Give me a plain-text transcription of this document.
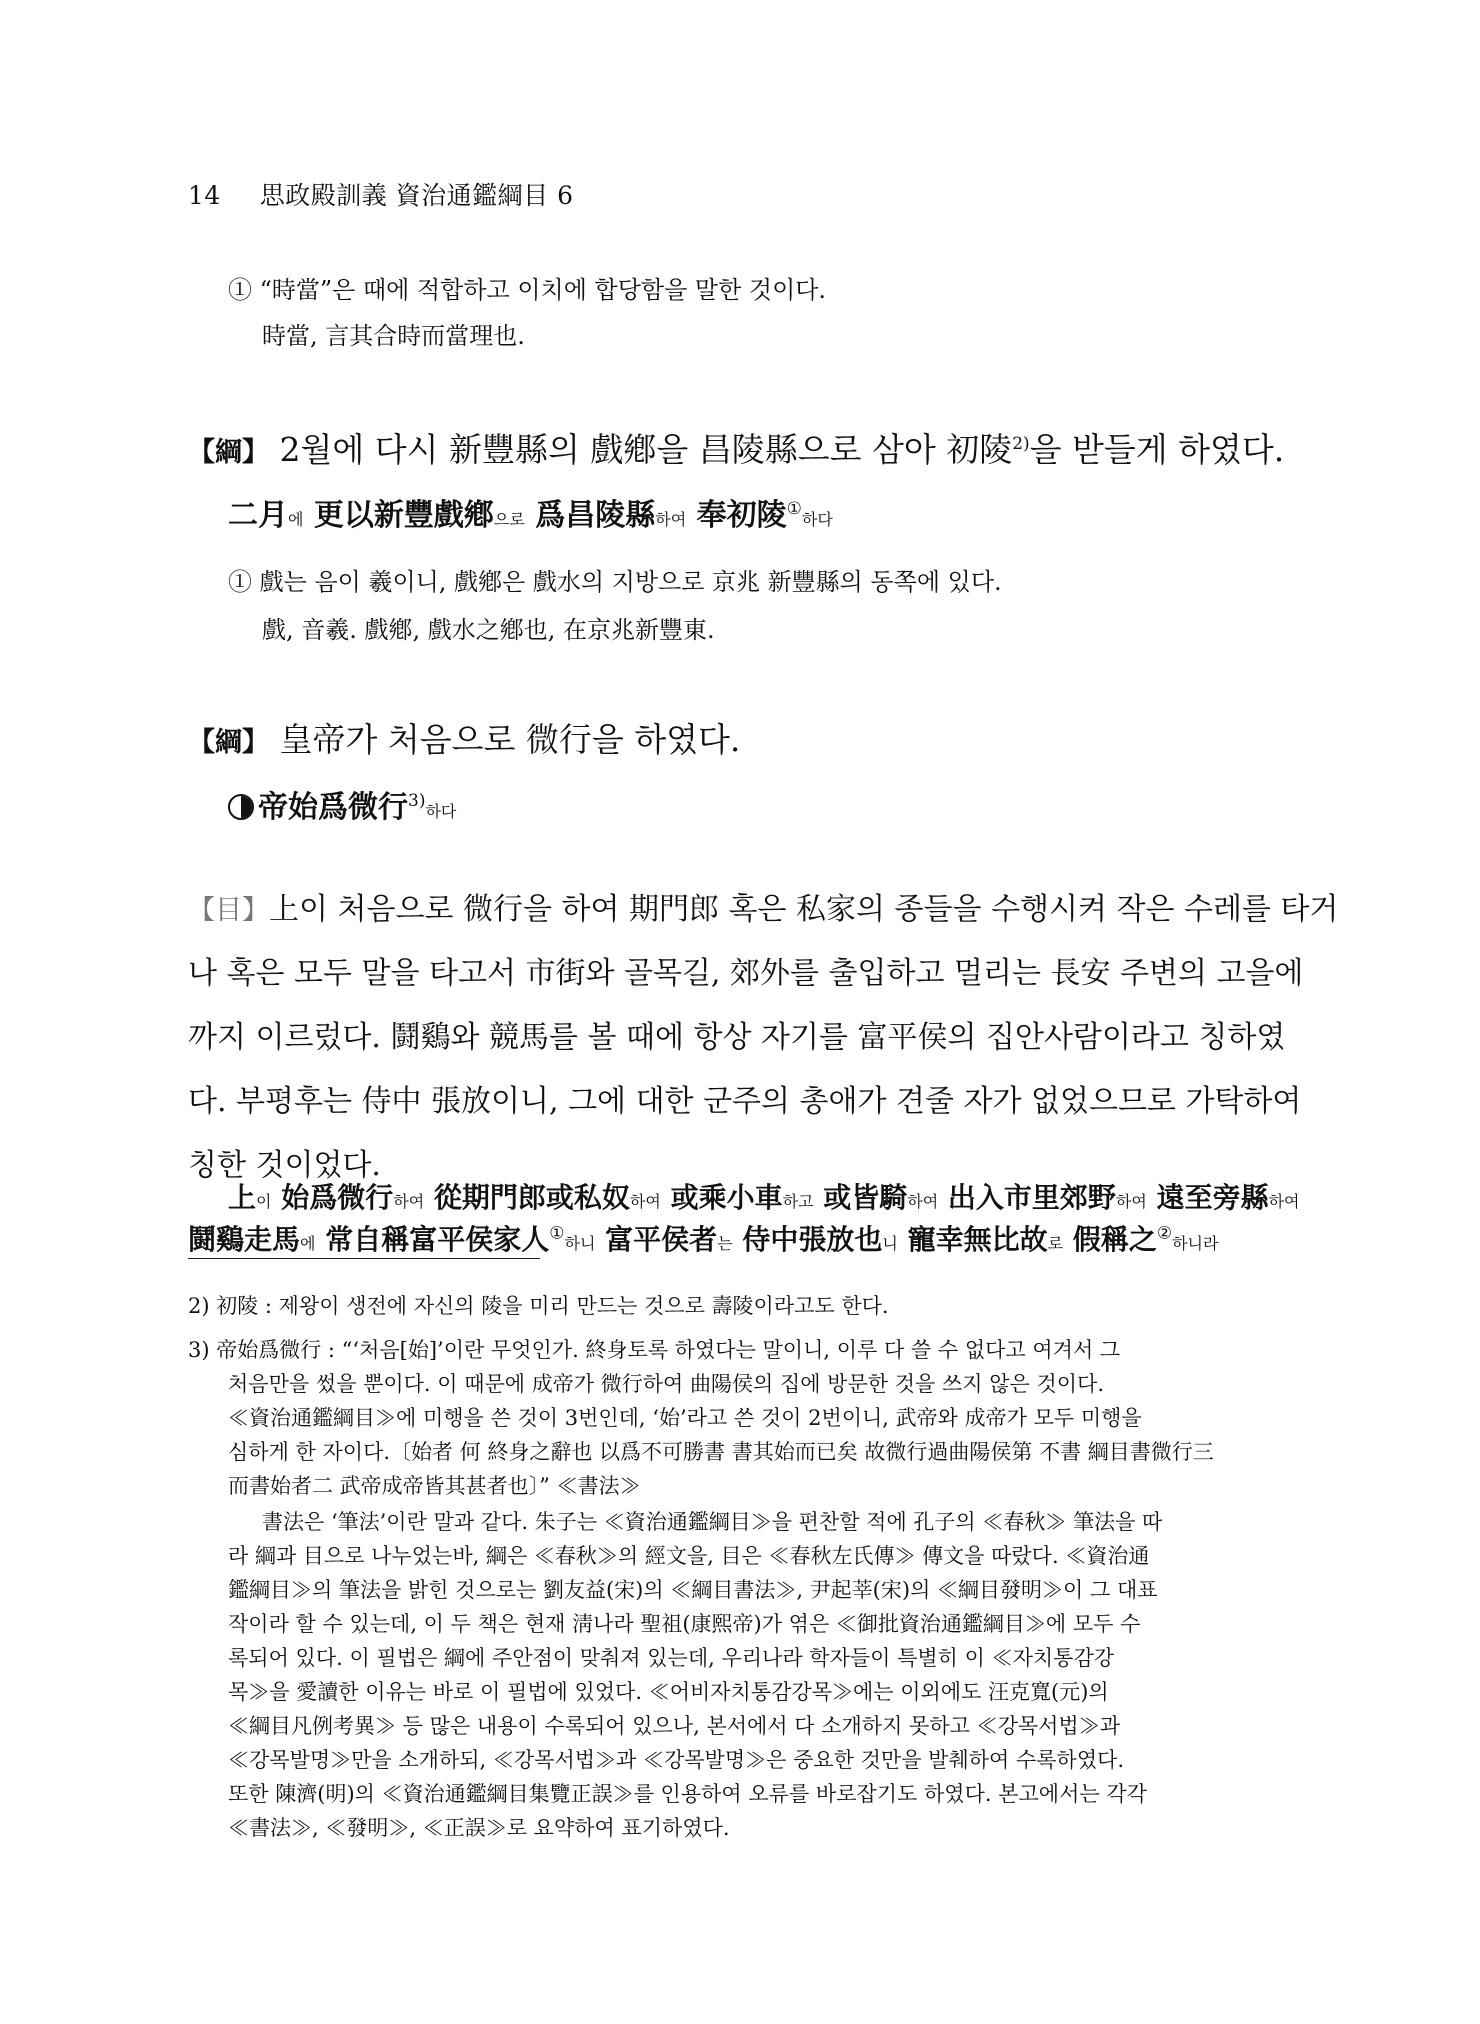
14 思政殿訓義 資治通鑑綱目 6
① “時當”은 때에 적합하고 이치에 합당함을 말한 것이다.
時當, 言其合時而當理也.
【綱】 2월에 다시 新豐縣의 戲鄕을 昌陵縣으로 삼아 初陵$^{2)}$을 받들게 하였다.
二月에 更以新豐戲鄕으로 爲昌陵縣하여 奉初陵①하다
① 戲는 음이 羲이니, 戲鄕은 戲水의 지방으로 京兆 新豐縣의 동쪽에 있다.
戲, 音羲. 戲鄕, 戲水之鄕也, 在京兆新豐東.
【綱】 皇帝가 처음으로 微行을 하였다.
帝始爲微行$^{3)}$하다
【目】上이 처음으로 微行을 하여 期門郎 혹은 私家의 종들을 수행시켜 작은 수레를 타거
나 혹은 모두 말을 타고서 市街와 골목길, 郊外를 출입하고 멀리는 長安 주변의 고을에
까지 이르렀다. 鬪鷄와 競馬를 볼 때에 항상 자기를 富平侯의 집안사람이라고 칭하였
다. 부평후는 侍中 張放이니, 그에 대한 군주의 총애가 견줄 자가 없었으므로 가탁하여
칭한 것이었다.
上이 始爲微行하여 從期門郎或私奴하여 或乘小車하고 或皆騎하여 出入市里郊野하여 遠至旁縣하여
鬪鷄走馬에 常自稱富平侯家人①하니 富平侯者는 侍中張放也니 寵幸無比故로 假稱之②하니라
2) 初陵 : 제왕이 생전에 자신의 陵을 미리 만드는 것으로 壽陵이라고도 한다.
3) 帝始爲微行 : “‘처음[始]’이란 무엇인가. 終身토록 하였다는 말이니, 이루 다 쓸 수 없다고 여겨서 그
처음만을 썼을 뿐이다. 이 때문에 成帝가 微行하여 曲陽侯의 집에 방문한 것을 쓰지 않은 것이다.
≪資治通鑑綱目≫에 미행을 쓴 것이 3번인데, ‘始’라고 쓴 것이 2번이니, 武帝와 成帝가 모두 미행을
심하게 한 자이다.〔始者 何 終身之辭也 以爲不可勝書 書其始而已矣 故微行過曲陽侯第 不書 綱目書微行三
而書始者二 武帝成帝皆其甚者也〕” ≪書法≫
書法은 ‘筆法’이란 말과 같다. 朱子는 ≪資治通鑑綱目≫을 편찬할 적에 孔子의 ≪春秋≫ 筆法을 따
라 綱과 目으로 나누었는바, 綱은 ≪春秋≫의 經文을, 目은 ≪春秋左氏傳≫ 傳文을 따랐다. ≪資治通
鑑綱目≫의 筆法을 밝힌 것으로는 劉友益(宋)의 ≪綱目書法≫, 尹起莘(宋)의 ≪綱目發明≫이 그 대표
작이라 할 수 있는데, 이 두 책은 현재 淸나라 聖祖(康熙帝)가 엮은 ≪御批資治通鑑綱目≫에 모두 수
록되어 있다. 이 필법은 綱에 주안점이 맞춰져 있는데, 우리나라 학자들이 특별히 이 ≪자치통감강
목≫을 愛讀한 이유는 바로 이 필법에 있었다. ≪어비자치통감강목≫에는 이외에도 汪克寬(元)의
≪綱目凡例考異≫ 등 많은 내용이 수록되어 있으나, 본서에서 다 소개하지 못하고 ≪강목서법≫과
≪강목발명≫만을 소개하되, ≪강목서법≫과 ≪강목발명≫은 중요한 것만을 발췌하여 수록하였다.
또한 陳濟(明)의 ≪資治通鑑綱目集覽正誤≫를 인용하여 오류를 바로잡기도 하였다. 본고에서는 각각
≪書法≫, ≪發明≫, ≪正誤≫로 요약하여 표기하였다.
